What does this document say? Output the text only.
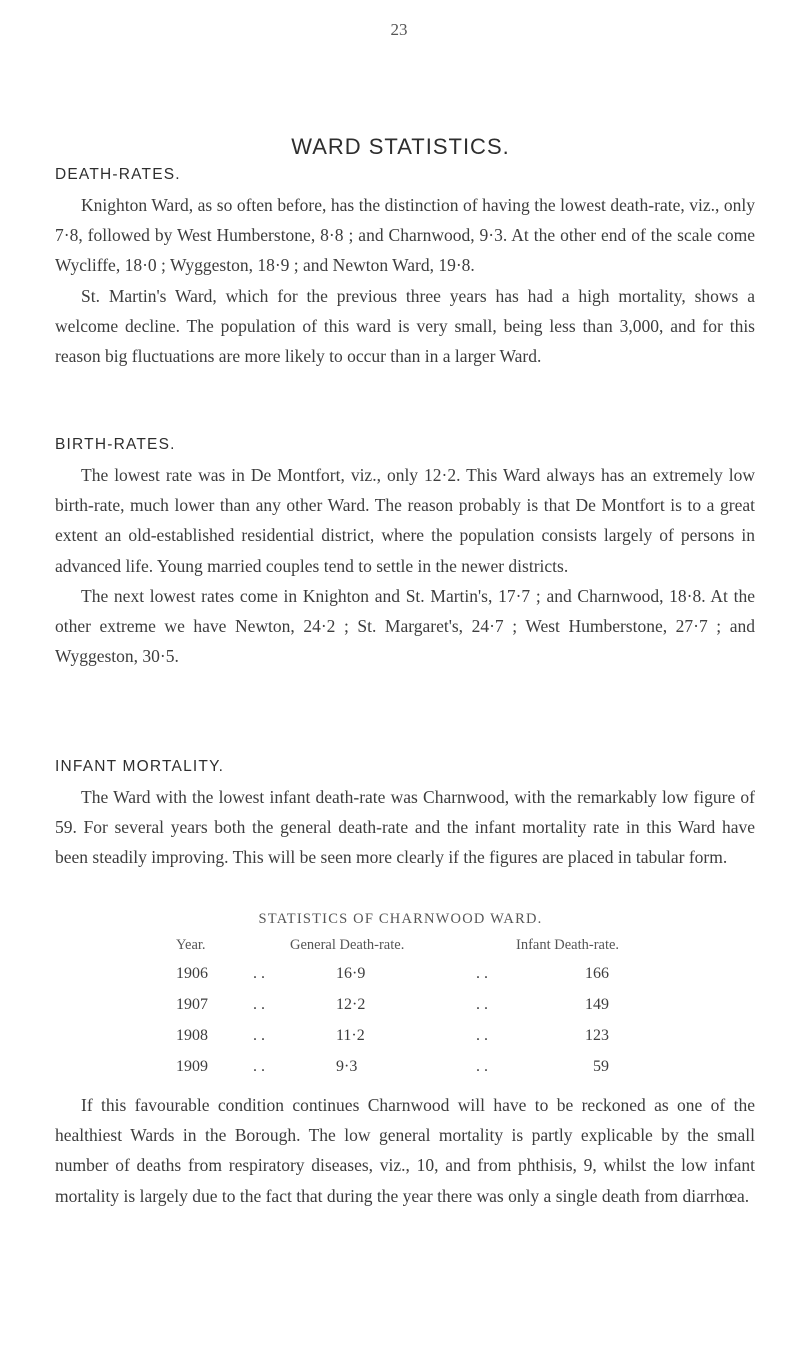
23
WARD STATISTICS.
DEATH-RATES.

Knighton Ward, as so often before, has the distinction of having the lowest death-rate, viz., only 7·8, followed by West Humberstone, 8·8 ; and Charnwood, 9·3. At the other end of the scale come Wycliffe, 18·0 ; Wyggeston, 18·9 ; and Newton Ward, 19·8.

St. Martin's Ward, which for the previous three years has had a high mortality, shows a welcome decline. The population of this ward is very small, being less than 3,000, and for this reason big fluctuations are more likely to occur than in a larger Ward.

BIRTH-RATES.

The lowest rate was in De Montfort, viz., only 12·2. This Ward always has an extremely low birth-rate, much lower than any other Ward. The reason probably is that De Montfort is to a great extent an old-established residential district, where the population consists largely of persons in advanced life. Young married couples tend to settle in the newer districts.

The next lowest rates come in Knighton and St. Martin's, 17·7 ; and Charnwood, 18·8. At the other extreme we have Newton, 24·2 ; St. Margaret's, 24·7 ; West Humberstone, 27·7 ; and Wyggeston, 30·5.

INFANT MORTALITY.

The Ward with the lowest infant death-rate was Charnwood, with the remarkably low figure of 59. For several years both the general death-rate and the infant mortality rate in this Ward have been steadily improving. This will be seen more clearly if the figures are placed in tabular form.

STATISTICS OF CHARNWOOD WARD.
Year.	General Death-rate.	Infant Death-rate.
1906	. .	16·9	. .	166
1907	. .	12·2	. .	149
1908	. .	11·2	. .	123
1909	. .	9·3	. .	59

If this favourable condition continues Charnwood will have to be reckoned as one of the healthiest Wards in the Borough. The low general mortality is partly explicable by the small number of deaths from respiratory diseases, viz., 10, and from phthisis, 9, whilst the low infant mortality is largely due to the fact that during the year there was only a single death from diarrhœa.
